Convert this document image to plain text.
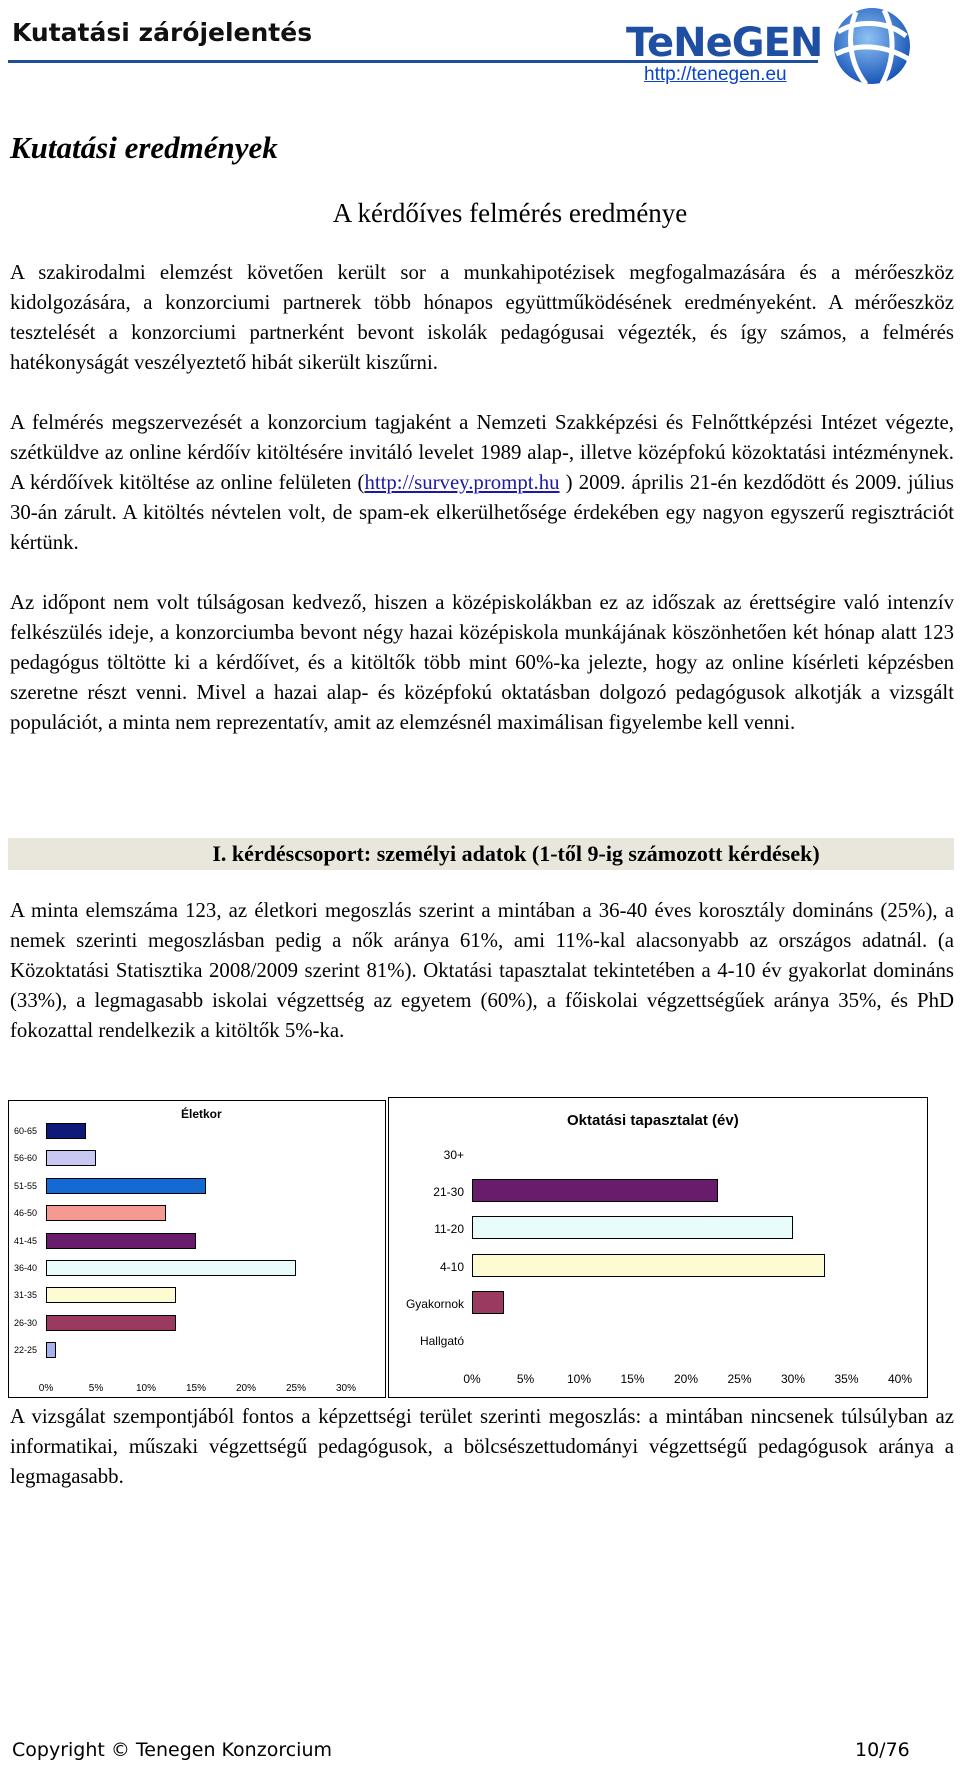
Kutatási zárójelentés	TeNeGEN
http://tenegen.eu
Kutatási eredmények
A kérdőíves felmérés eredménye

A szakirodalmi elemzést követően került sor a munkahipotézisek megfogalmazására és a mérőeszköz kidolgozására, a konzorciumi partnerek több hónapos együttműködésének eredményeként. A mérőeszköz tesztelését a konzorciumi partnerként bevont iskolák pedagógusai végezték, és így számos, a felmérés hatékonyságát veszélyeztető hibát sikerült kiszűrni.

A felmérés megszervezését a konzorcium tagjaként a Nemzeti Szakképzési és Felnőttképzési Intézet végezte, szétküldve az online kérdőív kitöltésére invitáló levelet 1989 alap-, illetve középfokú közoktatási intézménynek. A kérdőívek kitöltése az online felületen (http://survey.prompt.hu ) 2009. április 21-én kezdődött és 2009. július 30-án zárult. A kitöltés névtelen volt, de spam-ek elkerülhetősége érdekében egy nagyon egyszerű regisztrációt kértünk.

Az időpont nem volt túlságosan kedvező, hiszen a középiskolákban ez az időszak az érettségire való intenzív felkészülés ideje, a konzorciumba bevont négy hazai középiskola munkájának köszönhetően két hónap alatt 123 pedagógus töltötte ki a kérdőívet, és a kitöltők több mint 60%-ka jelezte, hogy az online kísérleti képzésben szeretne részt venni. Mivel a hazai alap- és középfokú oktatásban dolgozó pedagógusok alkotják a vizsgált populációt, a minta nem reprezentatív, amit az elemzésnél maximálisan figyelembe kell venni.

I. kérdéscsoport: személyi adatok (1-től 9-ig számozott kérdések)

A minta elemszáma 123, az életkori megoszlás szerint a mintában a 36-40 éves korosztály domináns (25%), a nemek szerinti megoszlásban pedig a nők aránya 61%, ami 11%-kal alacsonyabb az országos adatnál. (a Közoktatási Statisztika 2008/2009 szerint 81%). Oktatási tapasztalat tekintetében a 4-10 év gyakorlat domináns (33%), a legmagasabb iskolai végzettség az egyetem (60%), a főiskolai végzettségűek aránya 35%, és PhD fokozattal rendelkezik a kitöltők 5%-ka.

Életkor
60-65
56-60
51-55
46-50
41-45
36-40
31-35
26-30
22-25
0%	5%	10%	15%	20%	25%	30%
Oktatási tapasztalat (év)
30+
21-30
11-20
4-10
Gyakornok
Hallgató
0%	5%	10% 15% 20% 25% 30% 35% 40%

A vizsgálat szempontjából fontos a képzettségi terület szerinti megoszlás: a mintában nincsenek túlsúlyban az informatikai, műszaki végzettségű pedagógusok, a bölcsészettudományi végzettségű pedagógusok aránya a legmagasabb.

Copyright © Tenegen Konzorcium	10/76
